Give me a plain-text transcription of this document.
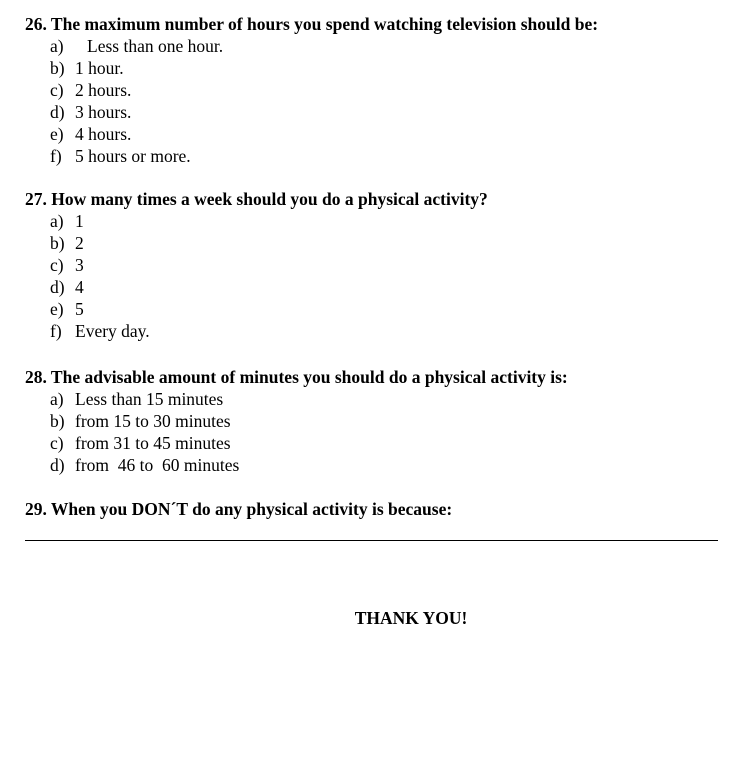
26. The maximum number of hours you spend watching television should be:
a) Less than one hour.
b) 1 hour.
c) 2 hours.
d) 3 hours.
e) 4 hours.
f) 5 hours or more.
27. How many times a week should you do a physical activity?
a) 1
b) 2
c) 3
d) 4
e) 5
f) Every day.
28. The advisable amount of minutes you should do a physical activity is:
a) Less than 15 minutes
b) from 15 to 30 minutes
c) from 31 to 45 minutes
d) from  46 to  60 minutes
29. When you DON´T do any physical activity is because:
THANK YOU!
